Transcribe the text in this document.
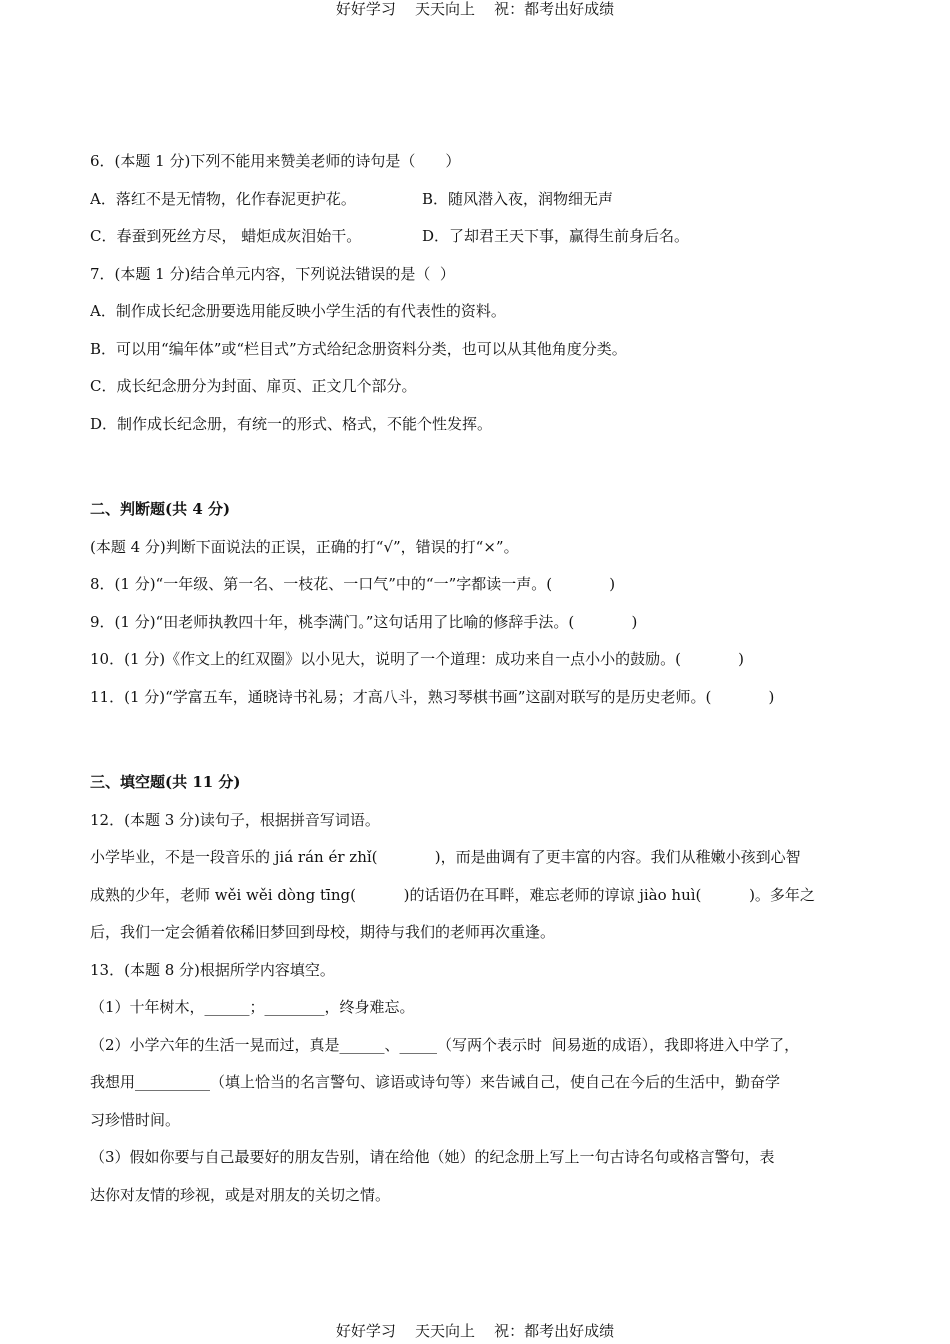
好好学习    天天向上    祝：都考出好成绩
6．(本题 1 分)下列不能用来赞美老师的诗句是（　　）
A．落红不是无情物，化作春泥更护花。	B．随风潜入夜，润物细无声
C．春蚕到死丝方尽， 蜡炬成灰泪始干。	D．了却君王天下事，赢得生前身后名。
7．(本题 1 分)结合单元内容，下列说法错误的是（  ）
A．制作成长纪念册要选用能反映小学生活的有代表性的资料。
B．可以用“编年体”或“栏目式”方式给纪念册资料分类，也可以从其他角度分类。
C．成长纪念册分为封面、扉页、正文几个部分。
D．制作成长纪念册，有统一的形式、格式，不能个性发挥。
二、判断题(共 4 分)
(本题 4 分)判断下面说法的正误，正确的打“√”，错误的打“×”。
8．(1 分)“一年级、第一名、一枝花、一口气”中的“一”字都读一声。(            )
9．(1 分)“田老师执教四十年，桃李满门。”这句话用了比喻的修辞手法。(            )
10．(1 分)《作文上的红双圈》以小见大，说明了一个道理：成功来自一点小小的鼓励。(            )
11．(1 分)“学富五车，通晓诗书礼易；才高八斗，熟习琴棋书画”这副对联写的是历史老师。(            )
三、填空题(共 11 分)
12．(本题 3 分)读句子，根据拼音写词语。
小学毕业，不是一段音乐的 jiá rán ér zhǐ(            )，而是曲调有了更丰富的内容。我们从稚嫩小孩到心智
成熟的少年，老师 wěi wěi dòng tīng(          )的话语仍在耳畔，难忘老师的谆谅 jiào huì(          )。多年之
后，我们一定会循着依稀旧梦回到母校，期待与我们的老师再次重逢。
13．(本题 8 分)根据所学内容填空。
（1）十年树木，______；________，终身难忘。
（2）小学六年的生活一晃而过，真是______、_____（写两个表示时  间易逝的成语），我即将进入中学了，
我想用__________（填上恰当的名言警句、谚语或诗句等）来告诫自己，使自己在今后的生活中，勤奋学
习珍惜时间。
（3）假如你要与自己最要好的朋友告别，请在给他（她）的纪念册上写上一句古诗名句或格言警句，表
达你对友情的珍视，或是对朋友的关切之情。
好好学习    天天向上    祝：都考出好成绩
